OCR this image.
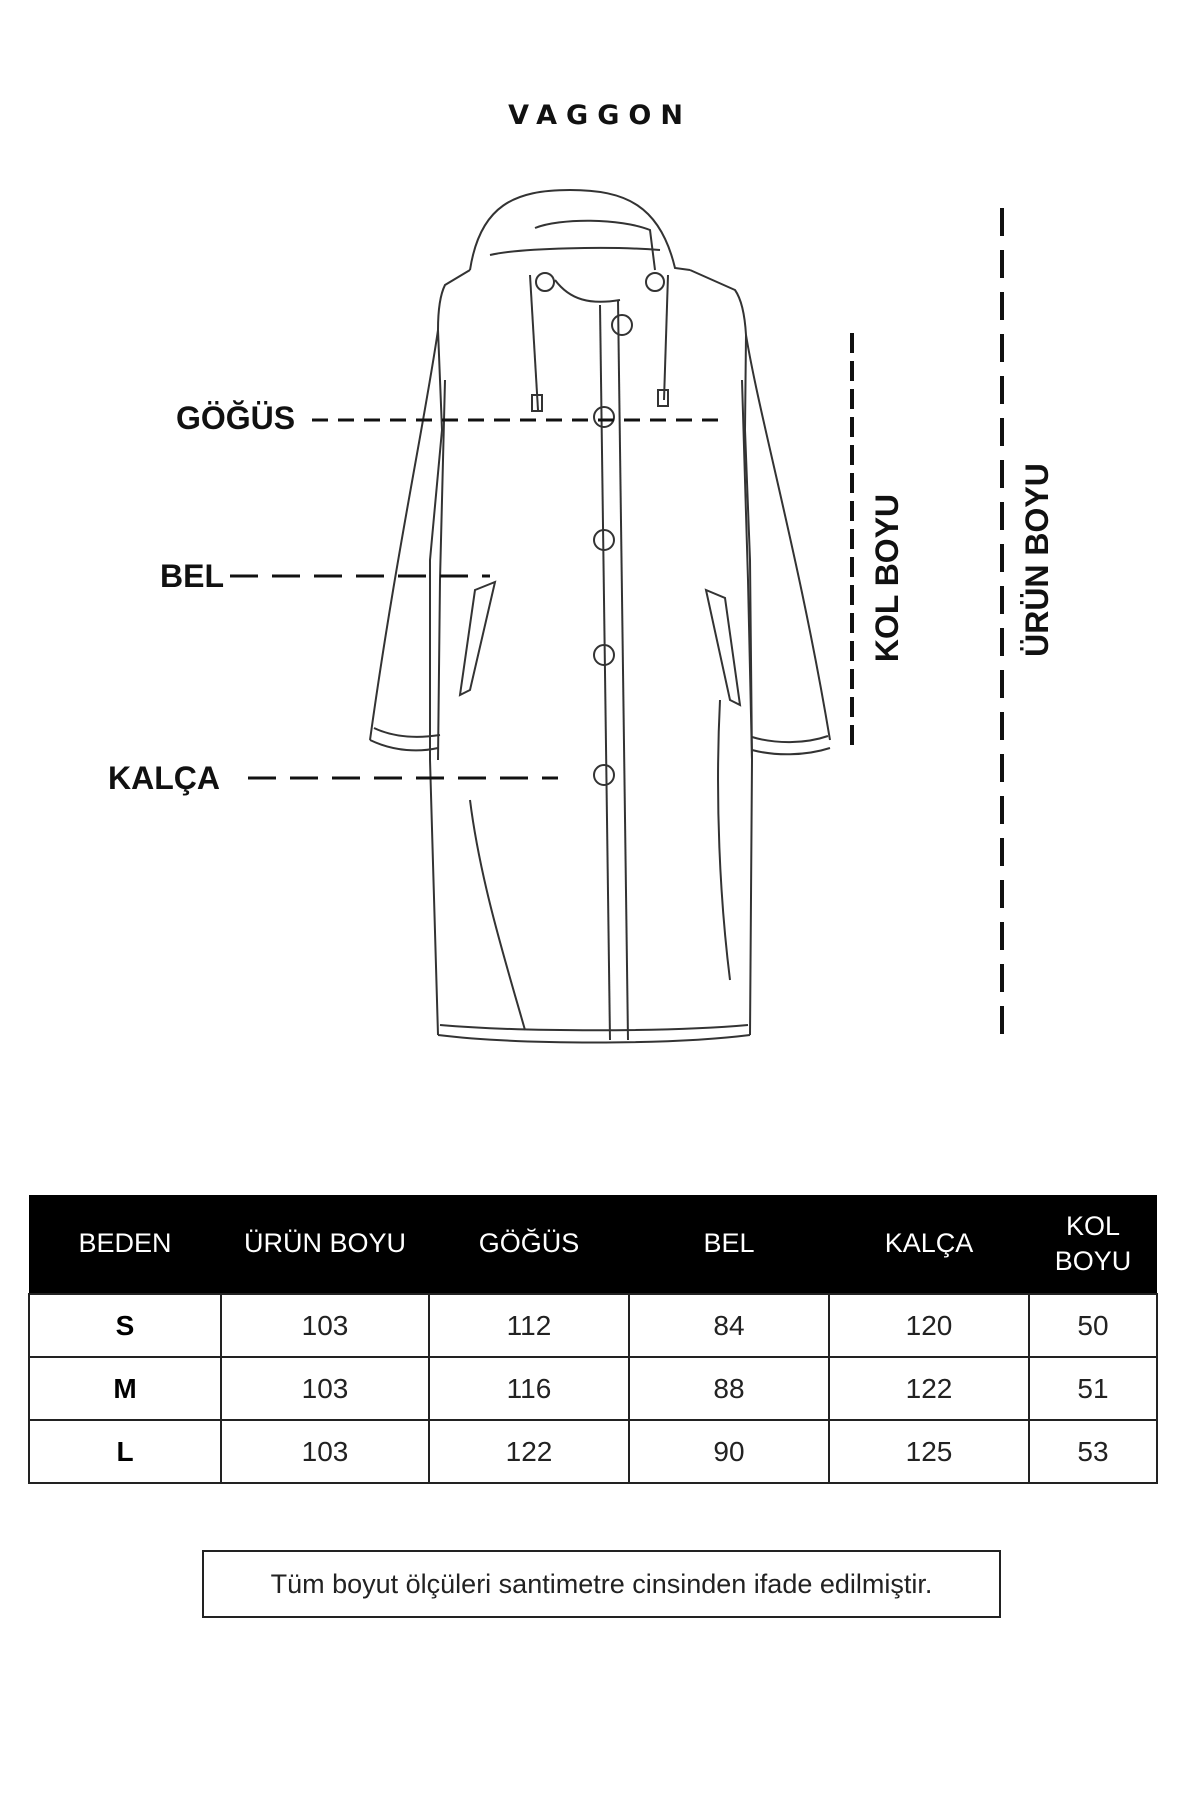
VAGGON
GÖĞÜS
BEL
KALÇA
KOL BOYU	ÜRÜN BOYU
BEDEN	ÜRÜN BOYU	GÖĞÜS	BEL	KALÇA	KOL
BOYU
S	103	112	84	120	50
M	103	116	88	122	51
L	103	122	90	125	53
Tüm boyut ölçüleri santimetre cinsinden ifade edilmiştir.
